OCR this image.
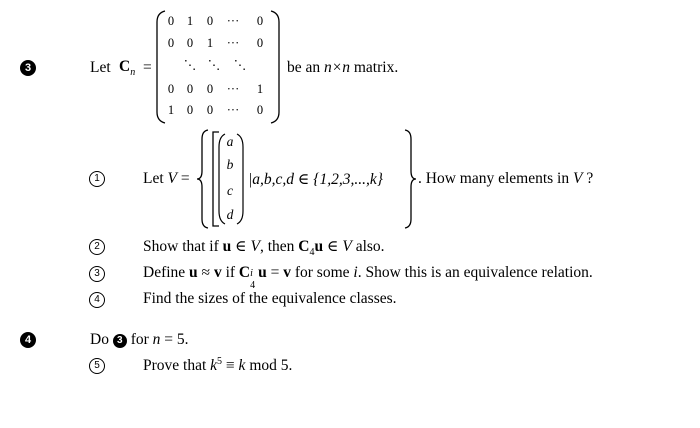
3	Let $C_n$ =
0	1	0	···	0
0	0	1	···	0
⋱ ⋱ ⋱
0	0	0	···	1
1	0	0	···	0
be an n×n matrix.
1	Let V =
a
b
c
d
|a,b,c,d ∈ {1,2,3,...,k} . How many elements in V ?
2	Show that if u ∈ V, then $C_4u$ ∈ V also.
3	Define u ≈ v if C i
4
u = v for some i. Show this is an equivalence relation.
4	Find the sizes of the equivalence classes.
4	Do 3 for n = 5.
5	Prove that $k^5 \equiv k$ mod 5.
